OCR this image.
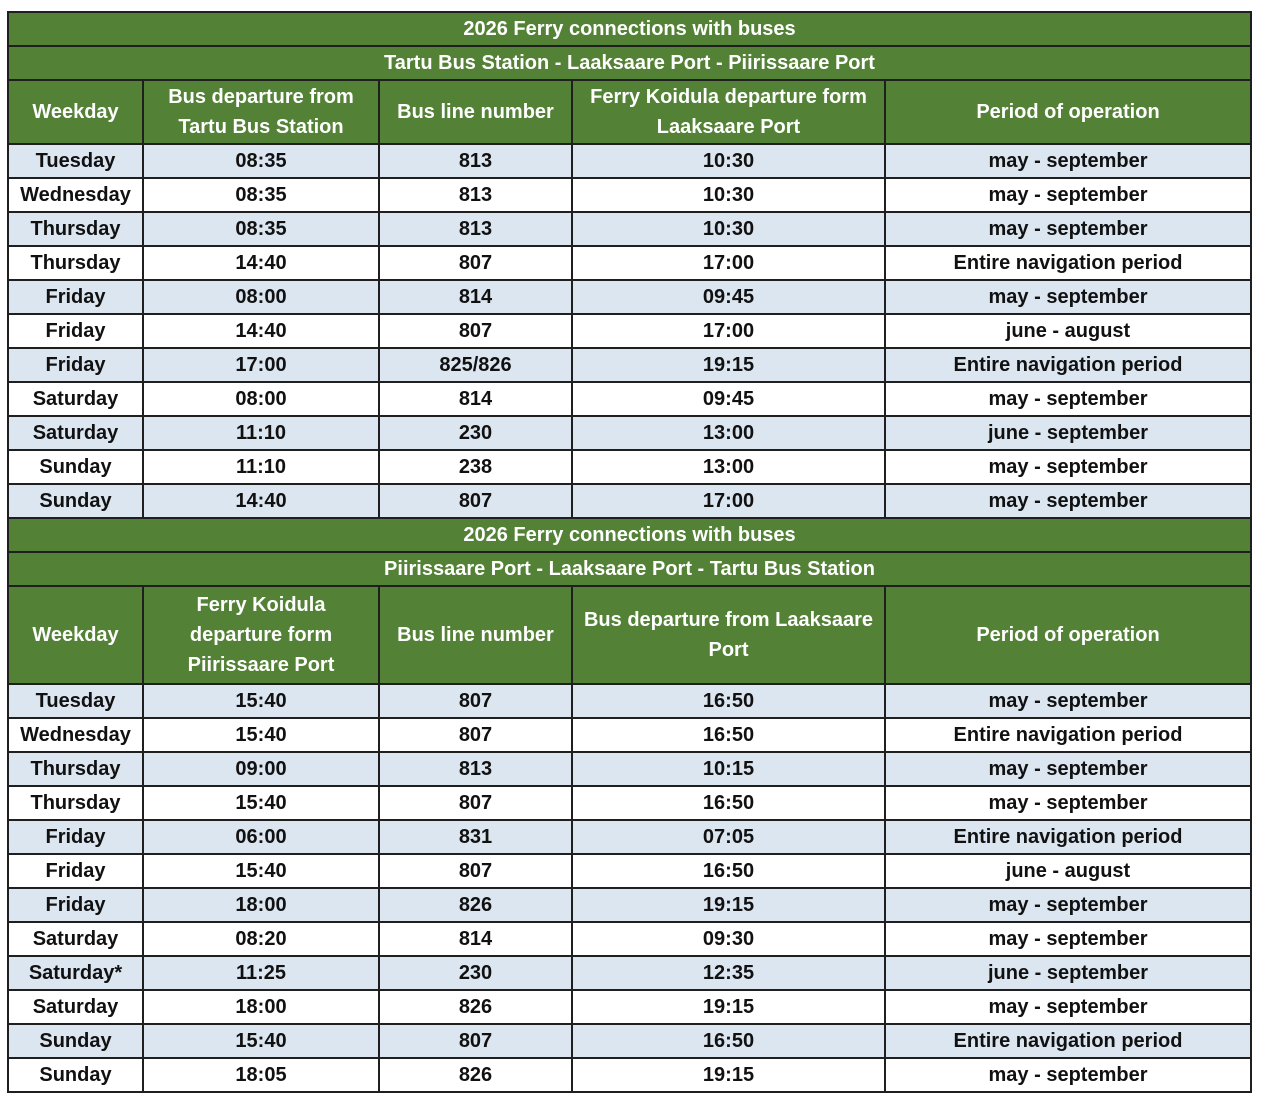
2026 Ferry connections with buses				
Tartu Bus Station - Laaksaare Port - Piirissaare Port				
Weekday	Bus departure from Tartu Bus Station	Bus line number	Ferry Koidula departure form Laaksaare Port	Period of operation
Tuesday	08:35	813	10:30	may - september
Wednesday	08:35	813	10:30	may - september
Thursday	08:35	813	10:30	may - september
Thursday	14:40	807	17:00	Entire navigation period
Friday	08:00	814	09:45	may - september
Friday	14:40	807	17:00	june - august
Friday	17:00	825/826	19:15	Entire navigation period
Saturday	08:00	814	09:45	may - september
Saturday	11:10	230	13:00	june - september
Sunday	11:10	238	13:00	may - september
Sunday	14:40	807	17:00	may - september
2026 Ferry connections with buses				
Piirissaare Port - Laaksaare Port - Tartu Bus Station				
Weekday	Ferry Koidula departure form Piirissaare Port	Bus line number	Bus departure from Laaksaare Port	Period of operation
Tuesday	15:40	807	16:50	may - september
Wednesday	15:40	807	16:50	Entire navigation period
Thursday	09:00	813	10:15	may - september
Thursday	15:40	807	16:50	may - september
Friday	06:00	831	07:05	Entire navigation period
Friday	15:40	807	16:50	june - august
Friday	18:00	826	19:15	may - september
Saturday	08:20	814	09:30	may - september
Saturday*	11:25	230	12:35	june - september
Saturday	18:00	826	19:15	may - september
Sunday	15:40	807	16:50	Entire navigation period
Sunday	18:05	826	19:15	may - september
